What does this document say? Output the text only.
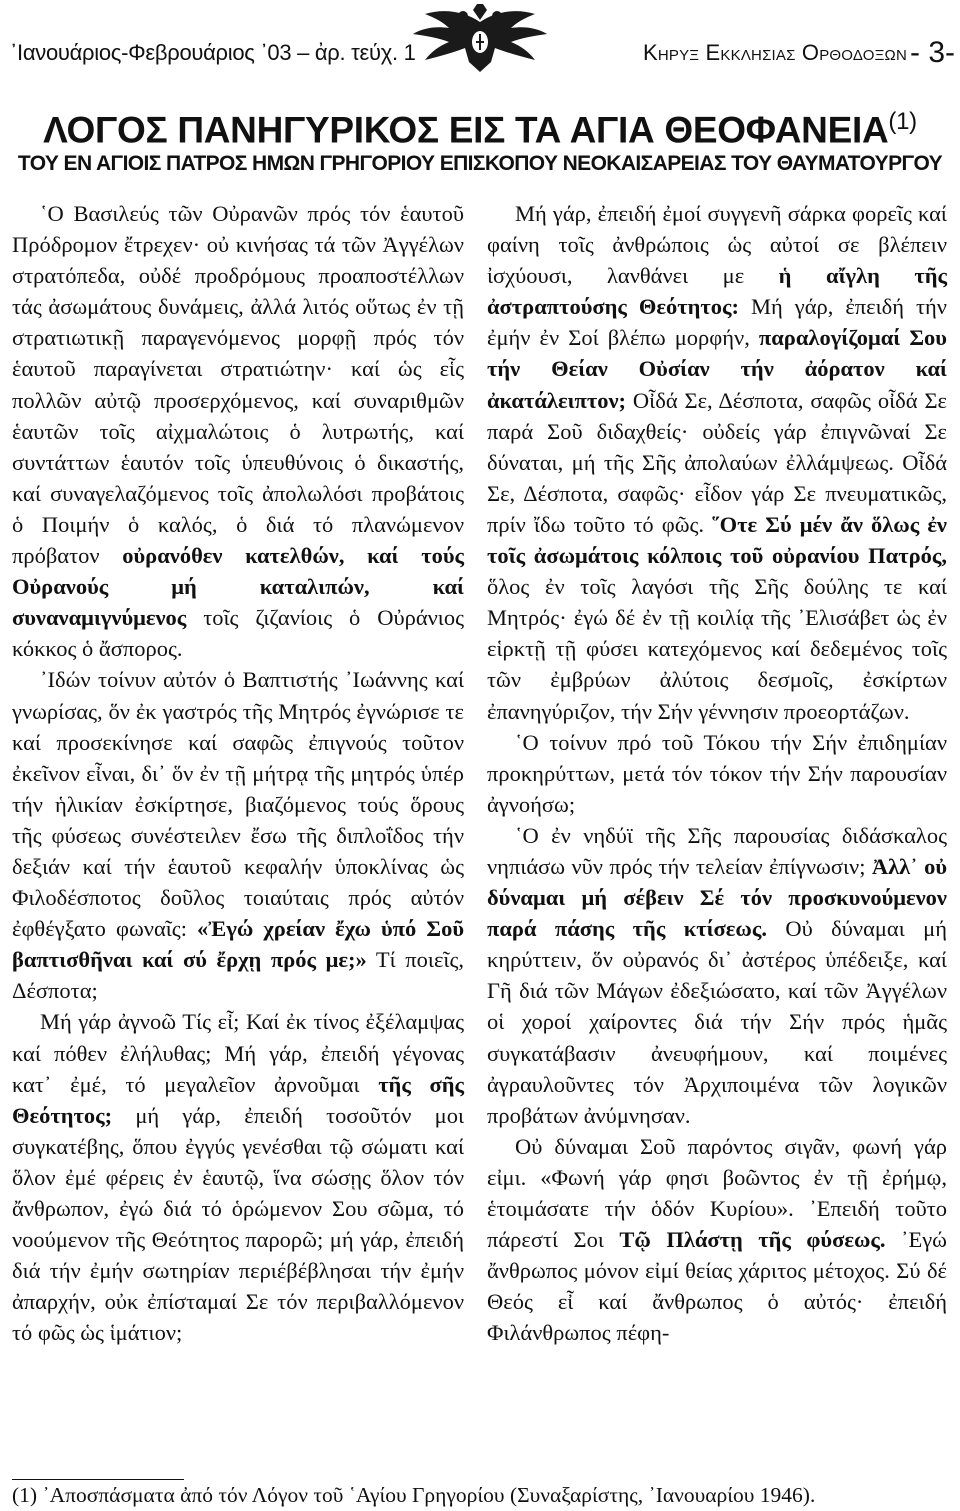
᾿Ιανουάριος-Φεβρουάριος ᾿03 – ἀρ. τεύχ. 1	Κηρυξ Εκκλησιας Ορθοδοξων - 3-
ΛΟΓΟΣ ΠΑΝΗΓΥΡΙΚΟΣ ΕΙΣ ΤΑ ΑΓΙΑ ΘΕΟΦΑΝΕΙΑ$^{(1)}$
ΤΟΥ ΕΝ ΑΓΙΟΙΣ ΠΑΤΡΟΣ ΗΜΩΝ ΓΡΗΓΟΡΙΟΥ ΕΠΙΣΚΟΠΟΥ ΝΕΟΚΑΙΣΑΡΕΙΑΣ ΤΟΥ ΘΑΥΜΑΤΟΥΡΓΟΥ

῾Ο Βασιλεύς τῶν Οὐρανῶν πρός τόν ἑαυτοῦ Πρόδρομον ἔτρεχεν· οὐ κινήσας τά τῶν Ἀγγέλων στρατόπεδα, οὐδέ προδρόμους προαποστέλλων τάς ἀσωμάτους δυνάμεις, ἀλλά λιτός οὕτως ἐν τῇ στρατιωτικῇ παραγενόμενος μορφῇ πρός τόν ἑαυτοῦ παραγίνεται στρατιώτην· καί ὡς εἷς πολλῶν αὐτῷ προσερχόμενος, καί συναριθμῶν ἑαυτῶν τοῖς αἰχμαλώτοις ὁ λυτρωτής, καί συντάττων ἑαυτόν τοῖς ὑπευθύνοις ὁ δικαστής, καί συναγελαζόμενος τοῖς ἀπολωλόσι προβάτοις ὁ Ποιμήν ὁ καλός, ὁ διά τό πλανώμενον πρόβατον οὐρανόθεν κατελθών, καί τούς Οὐρανούς μή καταλιπών, καί συναναμιγνύμενος τοῖς ζιζανίοις ὁ Οὐράνιος κόκκος ὁ ἄσπορος.

᾿Ιδών τοίνυν αὐτόν ὁ Βαπτιστής ᾿Ιωάννης καί γνωρίσας, ὅν ἐκ γαστρός τῆς Μητρός ἐγνώρισε τε καί προσεκίνησε καί σαφῶς ἐπιγνούς τοῦτον ἐκεῖνον εἶναι, δι᾿ ὅν ἐν τῇ μήτρᾳ τῆς μητρός ὑπέρ τήν ἡλικίαν ἐσκίρτησε, βιαζόμενος τούς ὅρους τῆς φύσεως συνέστειλεν ἔσω τῆς διπλοΐδος τήν δεξιάν καί τήν ἑαυτοῦ κεφαλήν ὑποκλίνας ὡς Φιλοδέσποτος δοῦλος τοιαύταις πρός αὐτόν ἐφθέγξατο φωναῖς: «Ἐγώ χρείαν ἔχω ὑπό Σοῦ βαπτισθῆναι καί σύ ἔρχῃ πρός με;» Τί ποιεῖς, Δέσποτα;

Μή γάρ ἀγνοῶ Τίς εἶ; Καί ἐκ τίνος ἐξέλαμψας καί πόθεν ἐλήλυθας; Μή γάρ, ἐπειδή γέγονας κατ᾿ ἐμέ, τό μεγαλεῖον ἀρνοῦμαι τῆς σῆς Θεότητος; μή γάρ, ἐπειδή τοσοῦτόν μοι συγκατέβης, ὅπου ἐγγύς γενέσθαι τῷ σώματι καί ὅλον ἐμέ φέρεις ἐν ἑαυτῷ, ἵνα σώσῃς ὅλον τόν ἄνθρωπον, ἐγώ διά τό ὁρώμενον Σου σῶμα, τό νοούμενον τῆς Θεότητος παρορῶ; μή γάρ, ἐπειδή διά τήν ἐμήν σωτηρίαν περιέβέβλησαι τήν ἐμήν ἀπαρχήν, οὐκ ἐπίσταμαί Σε τόν περιβαλλόμενον τό φῶς ὡς ἱμάτιον;

Μή γάρ, ἐπειδή ἐμοί συγγενῆ σάρκα φορεῖς καί φαίνη τοῖς ἀνθρώποις ὡς αὐτοί σε βλέπειν ἰσχύουσι, λανθάνει με ἡ αἴγλη τῆς ἀστραπτούσης Θεότητος: Μή γάρ, ἐπειδή τήν ἐμήν ἐν Σοί βλέπω μορφήν, παραλογίζομαί Σου τήν Θείαν Οὐσίαν τήν ἀόρατον καί ἀκατάλειπτον; Οἶδά Σε, Δέσποτα, σαφῶς οἶδά Σε παρά Σοῦ διδαχθείς· οὐδείς γάρ ἐπιγνῶναί Σε δύναται, μή τῆς Σῆς ἀπολαύων ἐλλάμψεως. Οἶδά Σε, Δέσποτα, σαφῶς· εἶδον γάρ Σε πνευματικῶς, πρίν ἴδω τοῦτο τό φῶς. ῞Οτε Σύ μέν ἄν ὅλως ἐν τοῖς ἀσωμάτοις κόλποις τοῦ οὐρανίου Πατρός, ὅλος ἐν τοῖς λαγόσι τῆς Σῆς δούλης τε καί Μητρός· ἐγώ δέ ἐν τῇ κοιλίᾳ τῆς ᾿Ελισάβετ ὡς ἐν εἱρκτῇ τῇ φύσει κατεχόμενος καί δεδεμένος τοῖς τῶν ἐμβρύων ἀλύτοις δεσμοῖς, ἐσκίρτων ἐπανηγύριζον, τήν Σήν γέννησιν προεορτάζων.

῾Ο τοίνυν πρό τοῦ Τόκου τήν Σήν ἐπιδημίαν προκηρύττων, μετά τόν τόκον τήν Σήν παρουσίαν ἀγνοήσω;

῾Ο ἐν νηδύϊ τῆς Σῆς παρουσίας διδάσκαλος νηπιάσω νῦν πρός τήν τελείαν ἐπίγνωσιν; Ἀλλ᾿ οὐ δύναμαι μή σέβειν Σέ τόν προσκυνούμενον παρά πάσης τῆς κτίσεως. Οὐ δύναμαι μή κηρύττειν, ὅν οὐρανός δι᾿ ἀστέρος ὑπέδειξε, καί Γῆ διά τῶν Μάγων ἐδεξιώσατο, καί τῶν Ἀγγέλων οἱ χοροί χαίροντες διά τήν Σήν πρός ἡμᾶς συγκατάβασιν ἀνευφήμουν, καί ποιμένες ἀγραυλοῦντες τόν Ἀρχιποιμένα τῶν λογικῶν προβάτων ἀνύμνησαν.

Οὐ δύναμαι Σοῦ παρόντος σιγᾶν, φωνή γάρ εἰμι. «Φωνή γάρ φησι βοῶντος ἐν τῇ ἐρήμῳ, ἑτοιμάσατε τήν ὁδόν Κυρίου». ᾿Επειδή τοῦτο πάρεστί Σοι Τῷ Πλάστῃ τῆς φύσεως. ᾿Εγώ ἄνθρωπος μόνον εἰμί θείας χάριτος μέτοχος. Σύ δέ Θεός εἶ καί ἄνθρωπος ὁ αὐτός· ἐπειδή Φιλάνθρωπος πέφη-

(1) ᾿Αποσπάσματα ἀπό τόν Λόγον τοῦ ῾Αγίου Γρηγορίου (Συναξαρίστης, ᾿Ιανουαρίου 1946).
